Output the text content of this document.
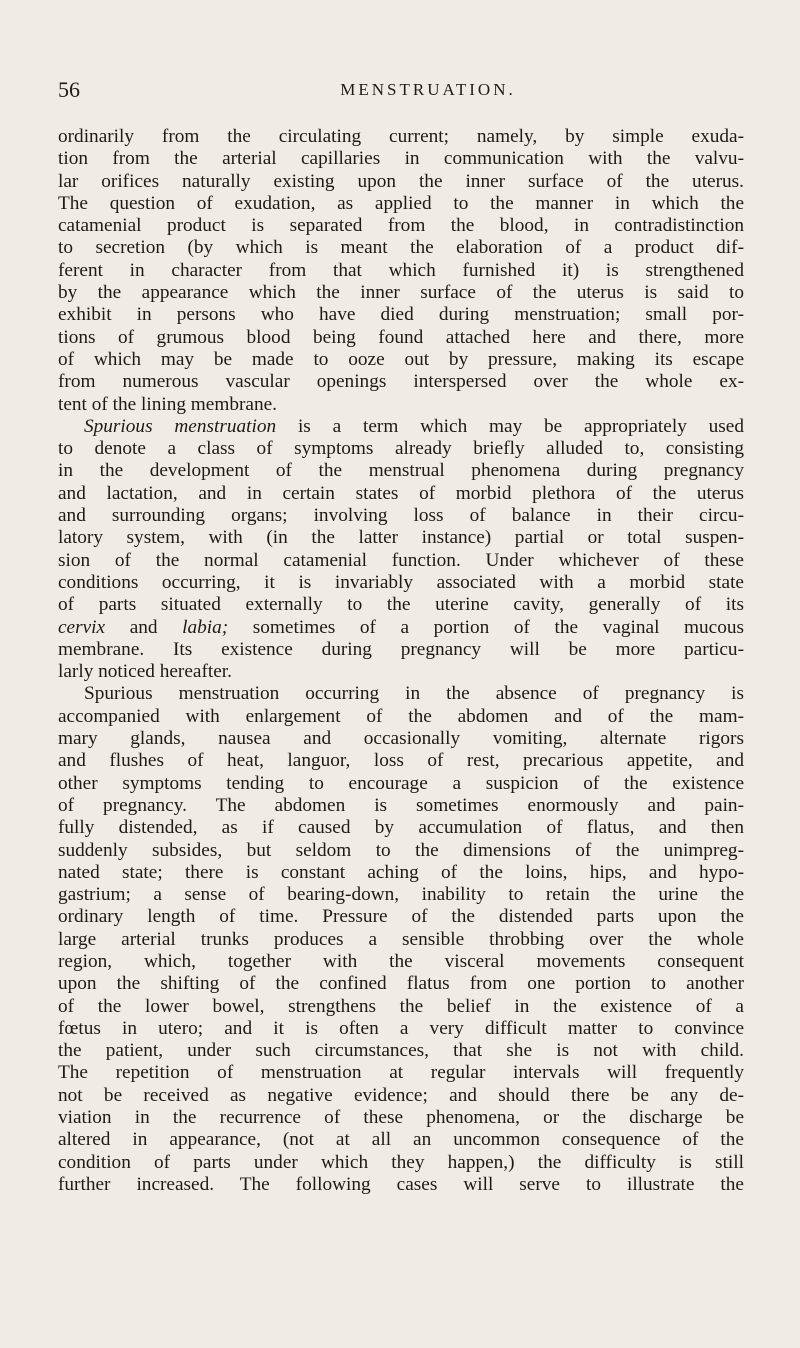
56	MENSTRUATION.
ordinarily from the circulating current; namely, by simple exuda-
tion from the arterial capillaries in communication with the valvu-
lar orifices naturally existing upon the inner surface of the uterus.
The question of exudation, as applied to the manner in which the
catamenial product is separated from the blood, in contradistinction
to secretion (by which is meant the elaboration of a product dif-
ferent in character from that which furnished it) is strengthened
by the appearance which the inner surface of the uterus is said to
exhibit in persons who have died during menstruation; small por-
tions of grumous blood being found attached here and there, more
of which may be made to ooze out by pressure, making its escape
from numerous vascular openings interspersed over the whole ex-
tent of the lining membrane.
Spurious menstruation is a term which may be appropriately used
to denote a class of symptoms already briefly alluded to, consisting
in the development of the menstrual phenomena during pregnancy
and lactation, and in certain states of morbid plethora of the uterus
and surrounding organs; involving loss of balance in their circu-
latory system, with (in the latter instance) partial or total suspen-
sion of the normal catamenial function. Under whichever of these
conditions occurring, it is invariably associated with a morbid state
of parts situated externally to the uterine cavity, generally of its
cervix and labia; sometimes of a portion of the vaginal mucous
membrane. Its existence during pregnancy will be more particu-
larly noticed hereafter.
Spurious menstruation occurring in the absence of pregnancy is
accompanied with enlargement of the abdomen and of the mam-
mary glands, nausea and occasionally vomiting, alternate rigors
and flushes of heat, languor, loss of rest, precarious appetite, and
other symptoms tending to encourage a suspicion of the existence
of pregnancy. The abdomen is sometimes enormously and pain-
fully distended, as if caused by accumulation of flatus, and then
suddenly subsides, but seldom to the dimensions of the unimpreg-
nated state; there is constant aching of the loins, hips, and hypo-
gastrium; a sense of bearing-down, inability to retain the urine the
ordinary length of time. Pressure of the distended parts upon the
large arterial trunks produces a sensible throbbing over the whole
region, which, together with the visceral movements consequent
upon the shifting of the confined flatus from one portion to another
of the lower bowel, strengthens the belief in the existence of a
fœtus in utero; and it is often a very difficult matter to convince
the patient, under such circumstances, that she is not with child.
The repetition of menstruation at regular intervals will frequently
not be received as negative evidence; and should there be any de-
viation in the recurrence of these phenomena, or the discharge be
altered in appearance, (not at all an uncommon consequence of the
condition of parts under which they happen,) the difficulty is still
further increased. The following cases will serve to illustrate the
